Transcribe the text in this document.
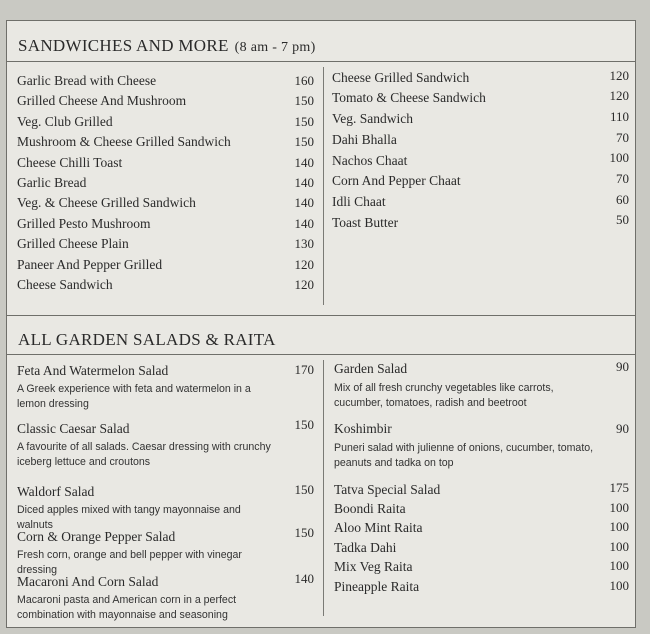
SANDWICHES AND MORE (8 am - 7 pm)
Garlic Bread with Cheese	160
Grilled Cheese And Mushroom	150
Veg. Club Grilled	150
Mushroom & Cheese Grilled Sandwich	150
Cheese Chilli Toast	140
Garlic Bread	140
Veg. & Cheese Grilled Sandwich	140
Grilled Pesto Mushroom	140
Grilled Cheese Plain	130
Paneer And Pepper Grilled	120
Cheese Sandwich	120
Cheese Grilled Sandwich	120
Tomato & Cheese Sandwich	120
Veg. Sandwich	110
Dahi Bhalla	70
Nachos Chaat	100
Corn And Pepper Chaat	70
Idli Chaat	60
Toast Butter	50
ALL GARDEN SALADS & RAITA
Feta And Watermelon Salad	170
A Greek experience with feta and watermelon in a lemon dressing
Classic Caesar Salad	150
A favourite of all salads. Caesar dressing with crunchy iceberg lettuce and croutons
Waldorf Salad	150
Diced apples mixed with tangy mayonnaise and walnuts
Corn & Orange Pepper Salad	150
Fresh corn, orange and bell pepper with vinegar dressing
Macaroni And Corn Salad	140
Macaroni pasta and American corn in a perfect combination with mayonnaise and seasoning
Garden Salad	90
Mix of all fresh crunchy vegetables like carrots, cucumber, tomatoes, radish and beetroot
Koshimbir	90
Puneri salad with julienne of onions, cucumber, tomato, peanuts and tadka on top
Tatva Special Salad	175
Boondi Raita	100
Aloo Mint Raita	100
Tadka Dahi	100
Mix Veg Raita	100
Pineapple Raita	100
